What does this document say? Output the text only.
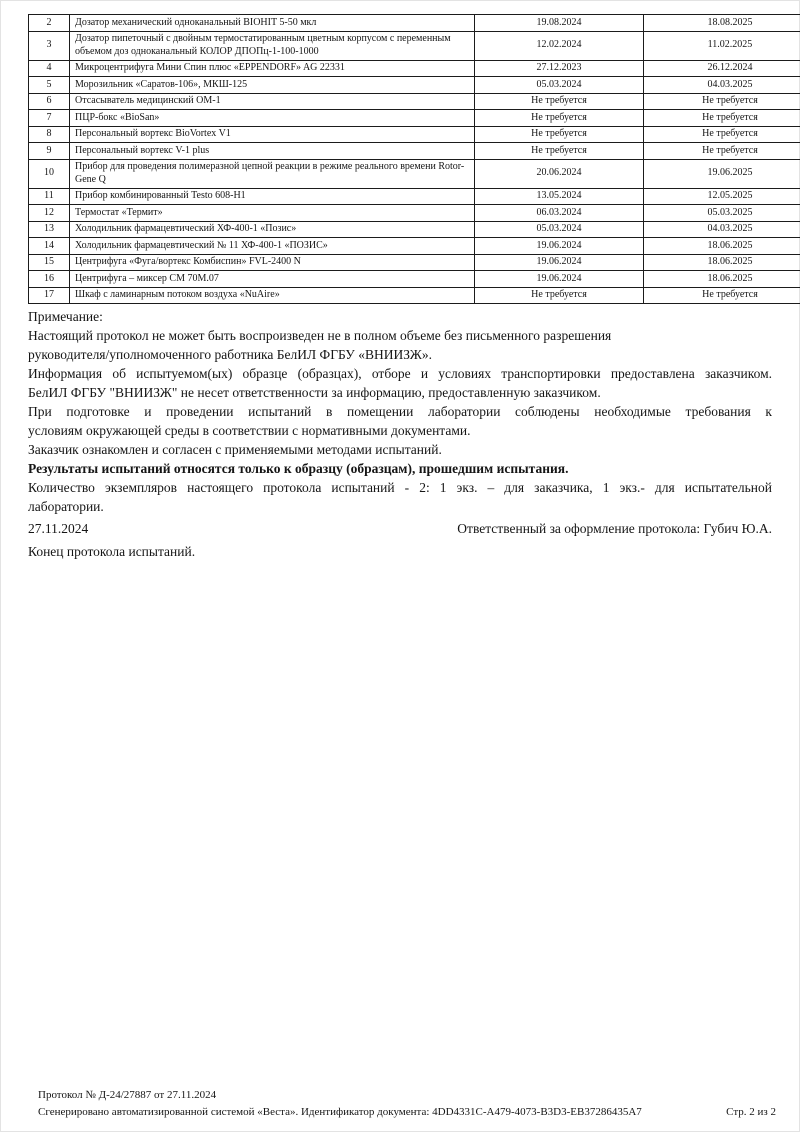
2	Дозатор механический одноканальный BIOHIT 5-50 мкл	19.08.2024	18.08.2025
3	Дозатор пипеточный с двойным термостатированным цветным корпусом с переменным объемом доз одноканальный КОЛОР ДПОПц-1-100-1000	12.02.2024	11.02.2025
4	Микроцентрифуга Мини Спин плюс «EPPENDORF» AG 22331	27.12.2023	26.12.2024
5	Морозильник «Саратов-106», МКШ-125	05.03.2024	04.03.2025
6	Отсасыватель медицинский ОМ-1	Не требуется	Не требуется
7	ПЦР-бокс «BioSan»	Не требуется	Не требуется
8	Персональный вортекс BioVortex V1	Не требуется	Не требуется
9	Персональный вортекс V-1 plus	Не требуется	Не требуется
10	Прибор для проведения полимеразной цепной реакции в режиме реального времени Rotor-Gene Q	20.06.2024	19.06.2025
11	Прибор комбинированный Testo 608-H1	13.05.2024	12.05.2025
12	Термостат «Термит»	06.03.2024	05.03.2025
13	Холодильник фармацевтический ХФ-400-1 «Позис»	05.03.2024	04.03.2025
14	Холодильник фармацевтический № 11 ХФ-400-1 «ПОЗИС»	19.06.2024	18.06.2025
15	Центрифуга «Фуга/вортекс Комбиспин» FVL-2400 N	19.06.2024	18.06.2025
16	Центрифуга – миксер СМ 70М.07	19.06.2024	18.06.2025
17	Шкаф с ламинарным потоком воздуха «NuAire»	Не требуется	Не требуется
Примечание:
Настоящий протокол не может быть воспроизведен не в полном объеме без письменного разрешения
руководителя/уполномоченного работника БелИЛ ФГБУ «ВНИИЗЖ».
Информация об испытуемом(ых) образце (образцах), отборе и условиях транспортировки предоставлена заказчиком.
БелИЛ ФГБУ "ВНИИЗЖ" не несет ответственности за информацию, предоставленную заказчиком.
При подготовке и проведении испытаний в помещении лаборатории соблюдены необходимые требования к
условиям окружающей среды в соответствии с нормативными документами.
Заказчик ознакомлен и согласен с применяемыми методами испытаний.
Результаты испытаний относятся только к образцу (образцам), прошедшим испытания.
Количество экземпляров настоящего протокола испытаний - 2: 1 экз. – для заказчика, 1 экз.- для испытательной
лаборатории.
27.11.2024	Ответственный за оформление протокола: Губич Ю.А.
Конец протокола испытаний.
Протокол № Д-24/27887 от 27.11.2024
Сгенерировано автоматизированной системой «Веста». Идентификатор документа: 4DD4331C-A479-4073-B3D3-EB37286435A7	Стр. 2 из 2
